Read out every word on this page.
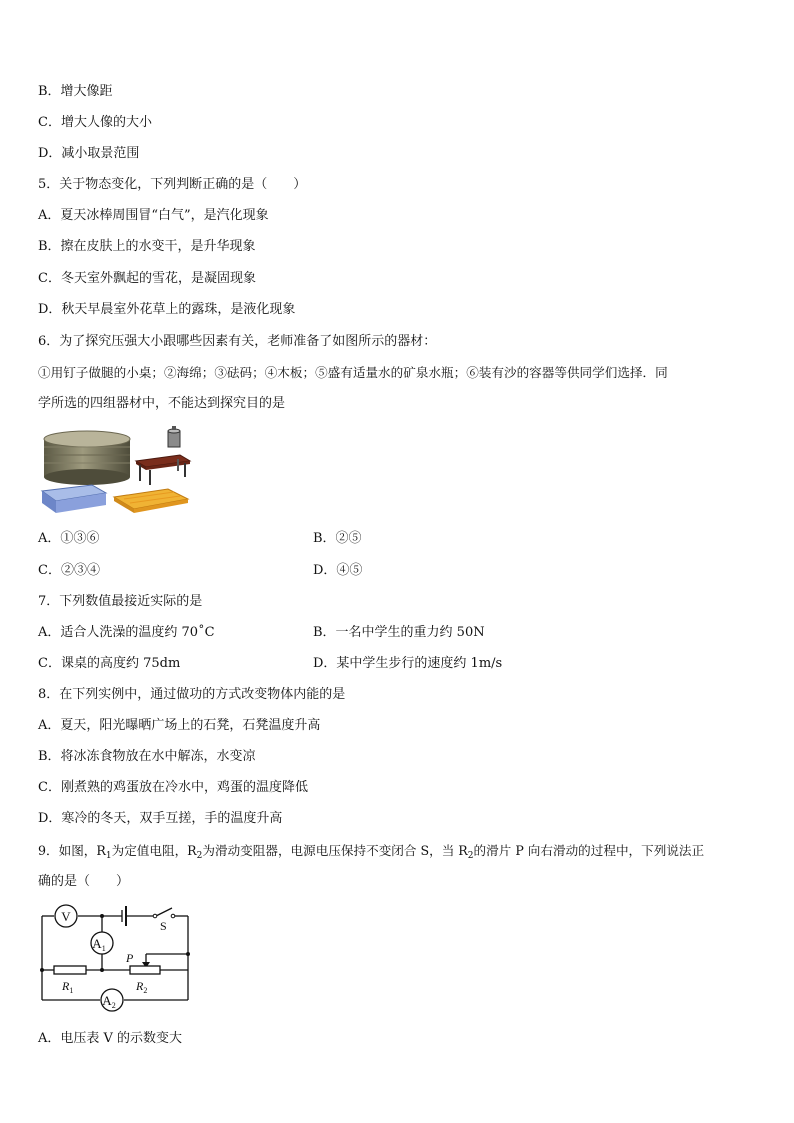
B．增大像距
C．增大人像的大小
D．减小取景范围
5．关于物态变化，下列判断正确的是（　　）
A．夏天冰棒周围冒“白气”，是汽化现象
B．擦在皮肤上的水变干，是升华现象
C．冬天室外飘起的雪花，是凝固现象
D．秋天早晨室外花草上的露珠，是液化现象
6．为了探究压强大小跟哪些因素有关，老师准备了如图所示的器材：
①用钉子做腿的小桌；②海绵；③砝码；④木板；⑤盛有适量水的矿泉水瓶；⑥装有沙的容器等供同学们选择．同
学所选的四组器材中，不能达到探究目的是
A．①③⑥	B．②⑤
C．②③④	D．④⑤
7．下列数值最接近实际的是
A．适合人洗澡的温度约 70˚C	B．一名中学生的重力约 50N
C．课桌的高度约 75dm	D．某中学生步行的速度约 1m/s
8．在下列实例中，通过做功的方式改变物体内能的是
A．夏天，阳光曝晒广场上的石凳，石凳温度升高
B．将冰冻食物放在水中解冻，水变凉
C．刚煮熟的鸡蛋放在冷水中，鸡蛋的温度降低
D．寒冷的冬天，双手互搓，手的温度升高
9．如图，$R_1$为定值电阻，$R_2$为滑动变阻器，电源电压保持不变闭合 S，当 $R_2$的滑片 P 向右滑动的过程中，下列说法正
确的是（　　）
V
$A_1$
$A_2$
S
P
$R_1$	$R_2$
A．电压表 V 的示数变大
